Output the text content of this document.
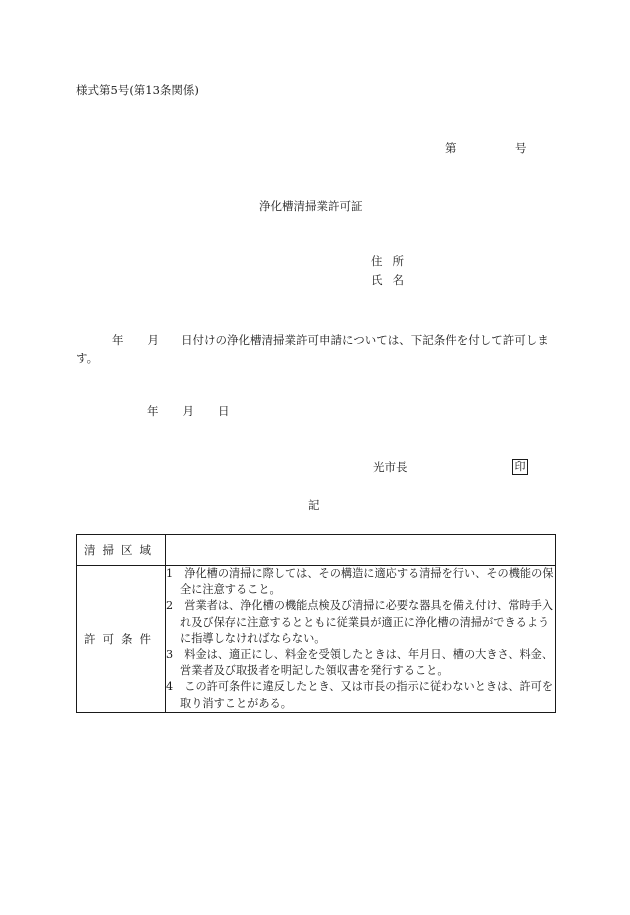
様式第5号(第13条関係)
第	号
浄化槽清掃業許可証
住所
氏名
年 月 日付けの浄化槽清掃業許可申請については、下記条件を付して許可します。
年 月 日
光市長	印
記
清掃区域	
許可条件	1　浄化槽の清掃に際しては、その構造に適応する清掃を行い、その機能の保全に注意すること。
2　営業者は、浄化槽の機能点検及び清掃に必要な器具を備え付け、常時手入れ及び保存に注意するとともに従業員が適正に浄化槽の清掃ができるように指導しなければならない。
3　料金は、適正にし、料金を受領したときは、年月日、槽の大きさ、料金、営業者及び取扱者を明記した領収書を発行すること。
4　この許可条件に違反したとき、又は市長の指示に従わないときは、許可を取り消すことがある。
